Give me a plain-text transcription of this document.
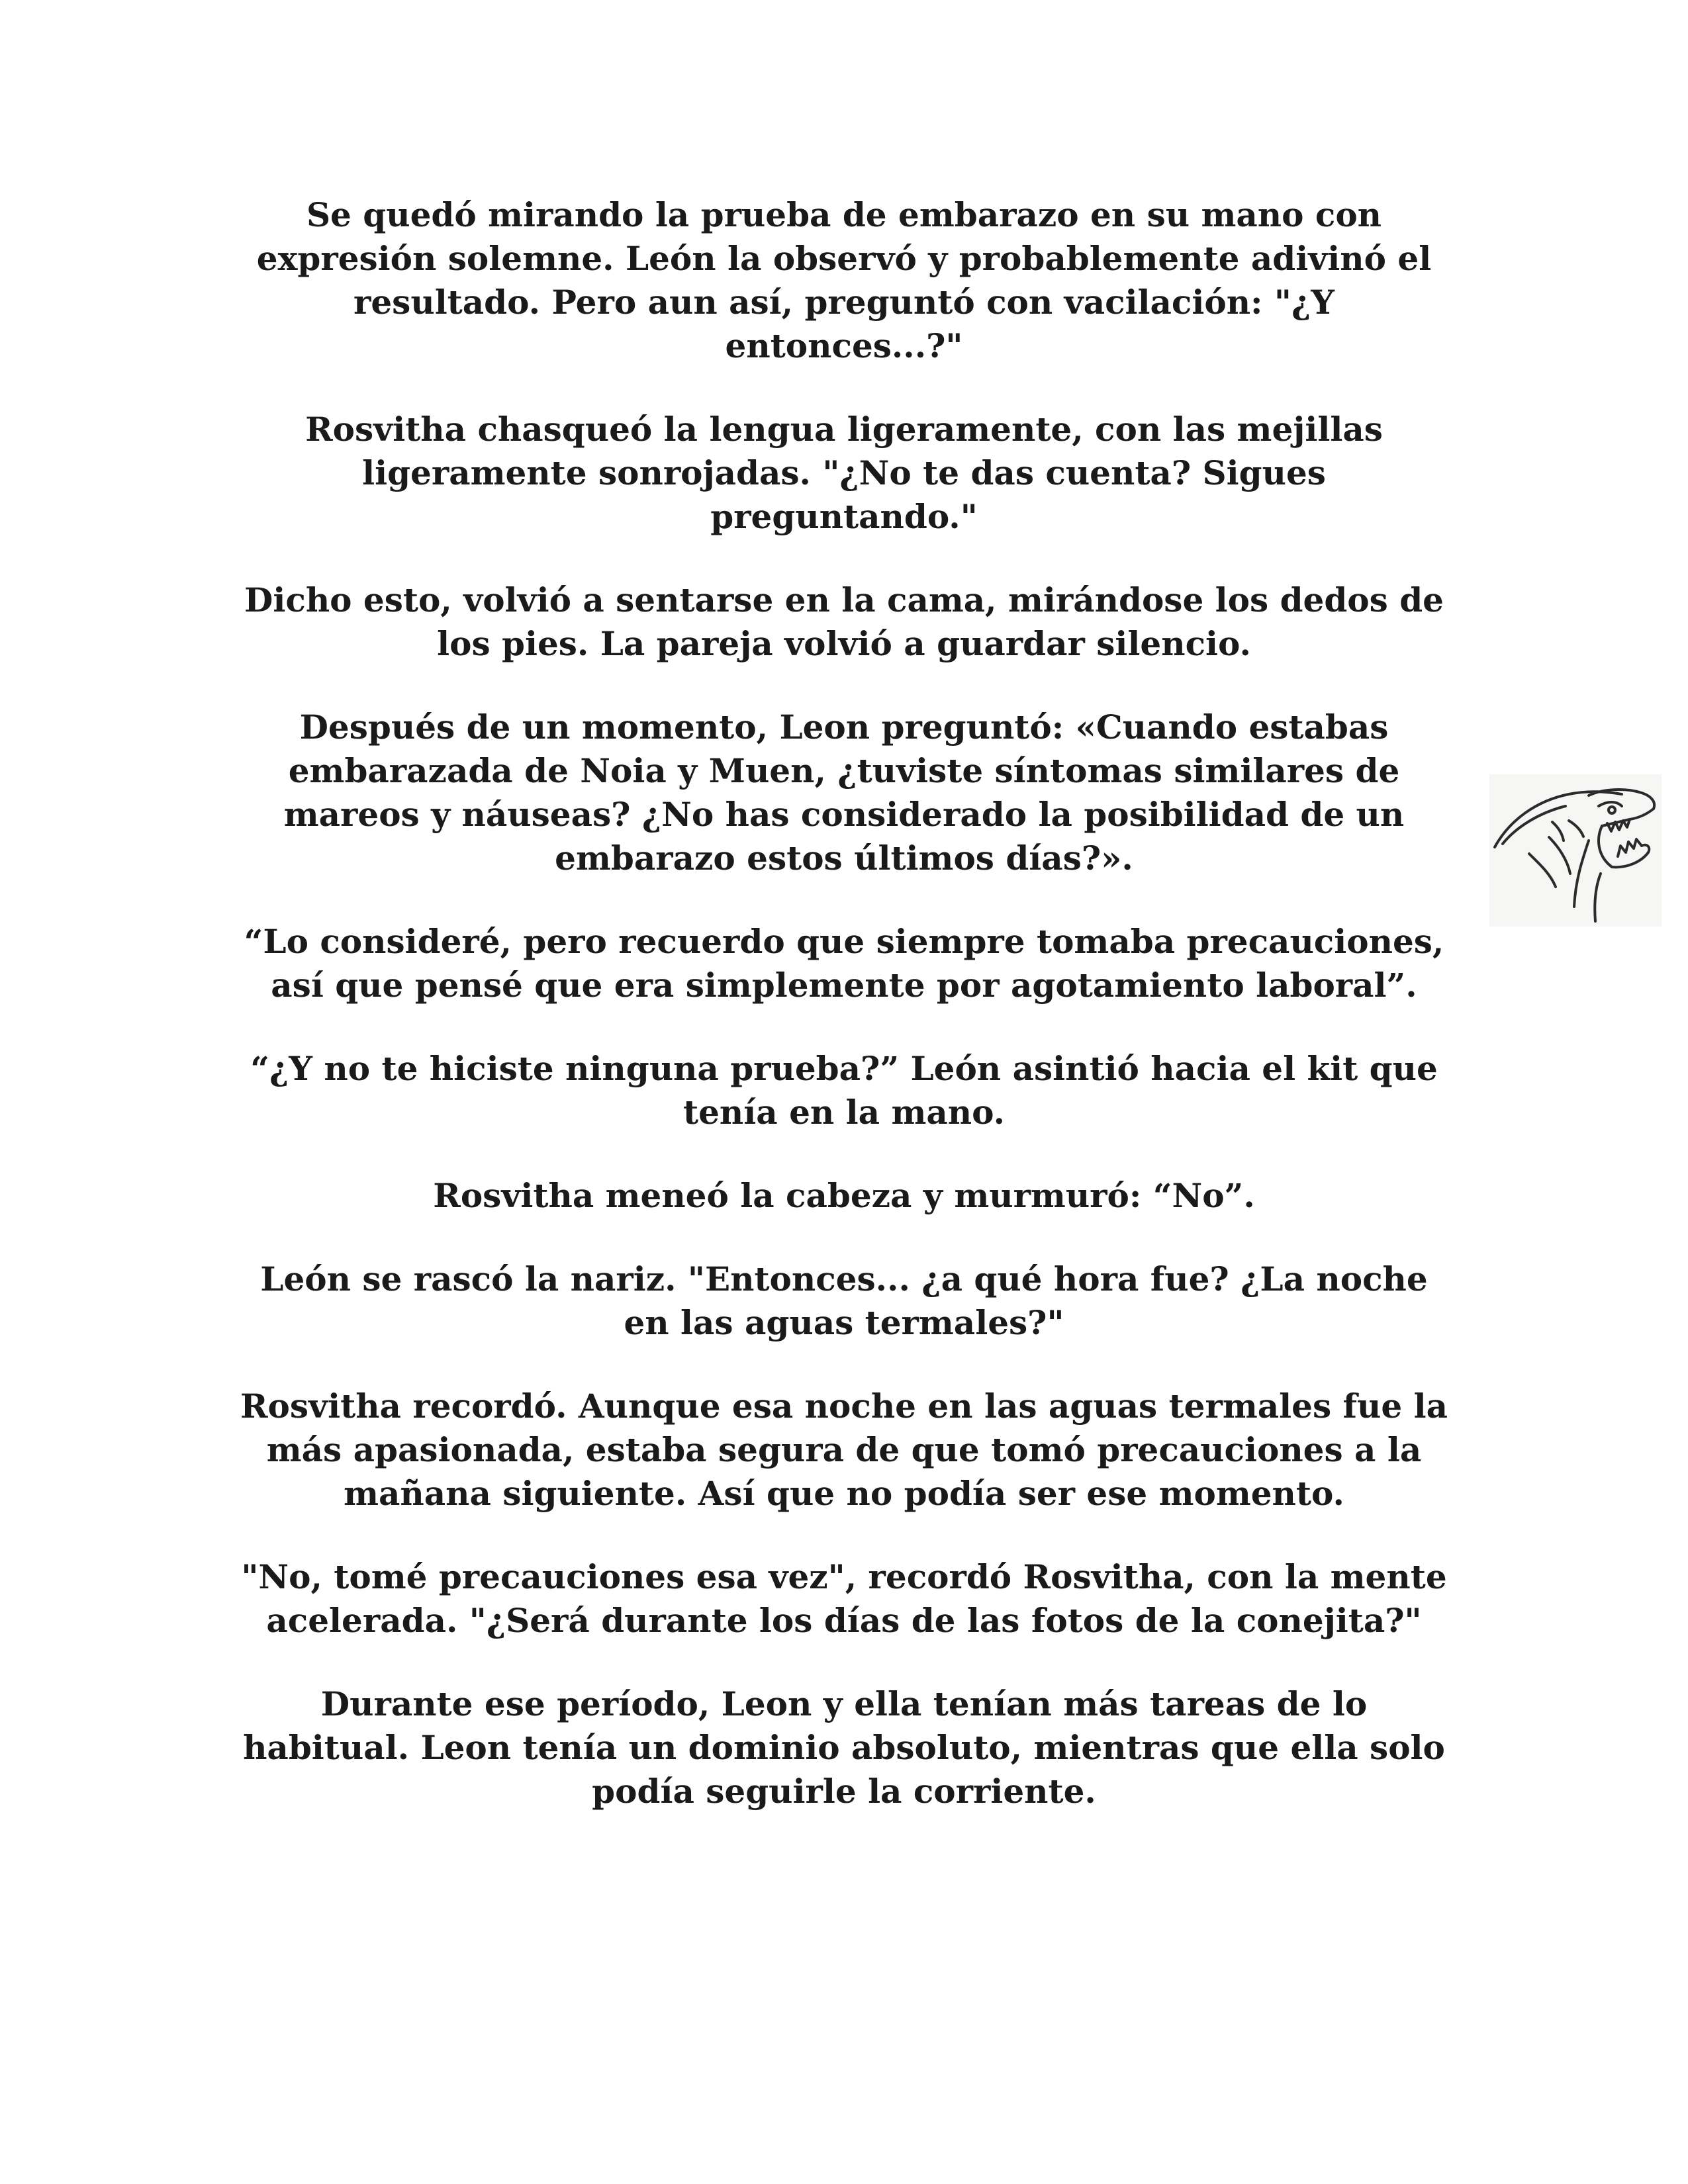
Se quedó mirando la prueba de embarazo en su mano con expresión solemne. León la observó y probablemente adivinó el resultado. Pero aun así, preguntó con vacilación: "¿Y entonces...?"

Rosvitha chasqueó la lengua ligeramente, con las mejillas ligeramente sonrojadas. "¿No te das cuenta? Sigues preguntando."

Dicho esto, volvió a sentarse en la cama, mirándose los dedos de los pies. La pareja volvió a guardar silencio.

Después de un momento, Leon preguntó: «Cuando estabas embarazada de Noia y Muen, ¿tuviste síntomas similares de mareos y náuseas? ¿No has considerado la posibilidad de un embarazo estos últimos días?».

“Lo consideré, pero recuerdo que siempre tomaba precauciones, así que pensé que era simplemente por agotamiento laboral”.

“¿Y no te hiciste ninguna prueba?” León asintió hacia el kit que tenía en la mano.

Rosvitha meneó la cabeza y murmuró: “No”.

León se rascó la nariz. "Entonces... ¿a qué hora fue? ¿La noche en las aguas termales?"

Rosvitha recordó. Aunque esa noche en las aguas termales fue la más apasionada, estaba segura de que tomó precauciones a la mañana siguiente. Así que no podía ser ese momento.

"No, tomé precauciones esa vez", recordó Rosvitha, con la mente acelerada. "¿Será durante los días de las fotos de la conejita?"

Durante ese período, Leon y ella tenían más tareas de lo habitual. Leon tenía un dominio absoluto, mientras que ella solo podía seguirle la corriente.
